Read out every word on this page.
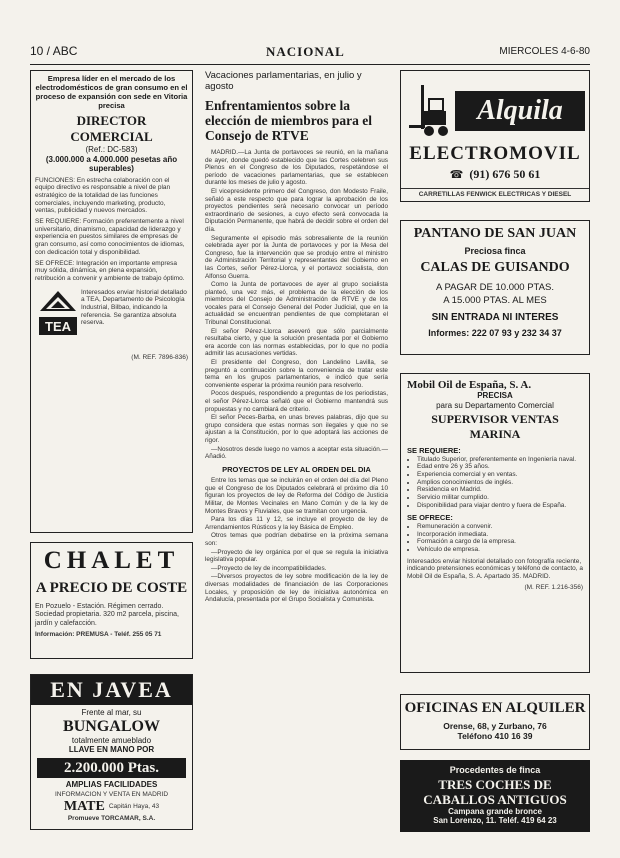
10 / ABC	NACIONAL	MIERCOLES 4-6-80
Empresa líder en el mercado de los electrodomésticos de gran consumo en el proceso de expansión con sede en Vitoria precisa
DIRECTOR COMERCIAL
(Ref.: DC-583)
(3.000.000 a 4.000.000 pesetas año superables)
FUNCIONES: En estrecha colaboración con el equipo directivo es responsable a nivel de plan estratégico de la totalidad de las funciones comerciales, incluyendo marketing, producto, ventas, publicidad y nuevos mercados.
SE REQUIERE: Formación preferentemente a nivel universitario, dinamismo, capacidad de liderazgo y experiencia en puestos similares de empresas de gran consumo, así como conocimientos de idiomas, con dedicación total y disponibilidad.
SE OFRECE: Integración en importante empresa muy sólida, dinámica, en plena expansión, retribución a convenir y ambiente de trabajo óptimo.
TEA
Interesados enviar historial detallado a TEA, Departamento de Psicología Industrial, Bilbao, indicando la referencia. Se garantiza absoluta reserva.
(M. REF. 7896-836)
CHALET
A PRECIO DE COSTE
En Pozuelo - Estación. Régimen cerrado. Sociedad propietaria. 320 m2 parcela, piscina, jardín y calefacción.
Información: PREMUSA - Teléf. 255 05 71
EN JAVEA
Frente al mar, su
BUNGALOW
totalmente amueblado
LLAVE EN MANO POR
2.200.000 Ptas.
AMPLIAS FACILIDADES
INFORMACION Y VENTA EN MADRID
MATE Capitán Haya, 43
Promueve TORCAMAR, S.A.
Vacaciones parlamentarias, en julio y agosto
Enfrentamientos sobre la elección de miembros para el Consejo de RTVE

MADRID.—La Junta de portavoces se reunió, en la mañana de ayer, donde quedó establecido que las Cortes celebren sus Plenos en el Congreso de los Diputados, respetándose el período de vacaciones parlamentarias, que se establecen durante los meses de julio y agosto.

El vicepresidente primero del Congreso, don Modesto Fraile, señaló a este respecto que para lograr la aprobación de los proyectos pendientes será necesario convocar un período extraordinario de sesiones, a cuyo efecto será convocada la Diputación Permanente, que habrá de decidir sobre el orden del día.

Seguramente el episodio más sobresaliente de la reunión celebrada ayer por la Junta de portavoces y por la Mesa del Congreso, fue la intervención que se produjo entre el ministro de Administración Territorial y representantes del Gobierno en las Cortes, señor Pérez-Llorca, y el portavoz socialista, don Alfonso Guerra.

Como la Junta de portavoces de ayer al grupo socialista planteó, una vez más, el problema de la elección de los miembros del Consejo de Administración de RTVE y de los vocales para el Consejo General del Poder Judicial, que en la actualidad se encuentran pendientes de que completaran el Tribunal Constitucional.

El señor Pérez-Llorca aseveró que sólo parcialmente resultaba cierto, y que la solución presentada por el Gobierno era acorde con las normas establecidas, por lo que no podía admitir las acusaciones vertidas.

El presidente del Congreso, don Landelino Lavilla, se preguntó a continuación sobre la conveniencia de tratar este tema en los grupos parlamentarios, e indicó que sería conveniente esperar la próxima reunión para resolverlo.

Pocos después, respondiendo a preguntas de los periodistas, el señor Pérez-Llorca señaló que el Gobierno mantendrá sus propuestas y no cambiará de criterio.

El señor Peces-Barba, en unas breves palabras, dijo que su grupo considera que estas normas son ilegales y que no se ajustan a la Constitución, por lo que adoptará las acciones de rigor.

—Nosotros desde luego no vamos a aceptar esta situación.—Añadió.

PROYECTOS DE LEY AL ORDEN DEL DIA

Entre los temas que se incluirán en el orden del día del Pleno que el Congreso de los Diputados celebrará el próximo día 10 figuran los proyectos de ley de Reforma del Código de Justicia Militar, de Montes Vecinales en Mano Común y de la ley de Montes Bravos y Fluviales, que se tramitan con urgencia.

Para los días 11 y 12, se incluye el proyecto de ley de Arrendamientos Rústicos y la ley Básica de Empleo.

Otros temas que podrían debatirse en la próxima semana son:

—Proyecto de ley orgánica por el que se regula la iniciativa legislativa popular.

—Proyecto de ley de incompatibilidades.

—Diversos proyectos de ley sobre modificación de la ley de diversas modalidades de financiación de las Corporaciones Locales, y proposición de ley de iniciativa autonómica en Andalucía, presentada por el Grupo Socialista y Comunista.

Alquila
ELECTROMOVIL
☎ (91) 676 50 61
CARRETILLAS FENWICK ELECTRICAS Y DIESEL
PANTANO DE SAN JUAN
Preciosa finca
CALAS DE GUISANDO
A PAGAR DE 10.000 PTAS.
A 15.000 PTAS. AL MES
SIN ENTRADA NI INTERES
Informes: 222 07 93 y 232 34 37
Mobil Oil de España, S. A.
PRECISA
para su Departamento Comercial
SUPERVISOR VENTAS
MARINA
SE REQUIERE:
• Titulado Superior, preferentemente en Ingeniería naval.
• Edad entre 26 y 35 años.
• Experiencia comercial y en ventas.
• Amplios conocimientos de inglés.
• Residencia en Madrid.
• Servicio militar cumplido.
• Disponibilidad para viajar dentro y fuera de España.
SE OFRECE:
• Remuneración a convenir.
• Incorporación inmediata.
• Formación a cargo de la empresa.
• Vehículo de empresa.
Interesados enviar historial detallado con fotografía reciente, indicando pretensiones económicas y teléfono de contacto, a Mobil Oil de España, S. A. Apartado 35. MADRID.
(M. REF. 1.216-356)
OFICINAS EN ALQUILER
Orense, 68, y Zurbano, 76
Teléfono 410 16 39
Procedentes de finca
TRES COCHES DE
CABALLOS ANTIGUOS
Campana grande bronce
San Lorenzo, 11. Teléf. 419 64 23
